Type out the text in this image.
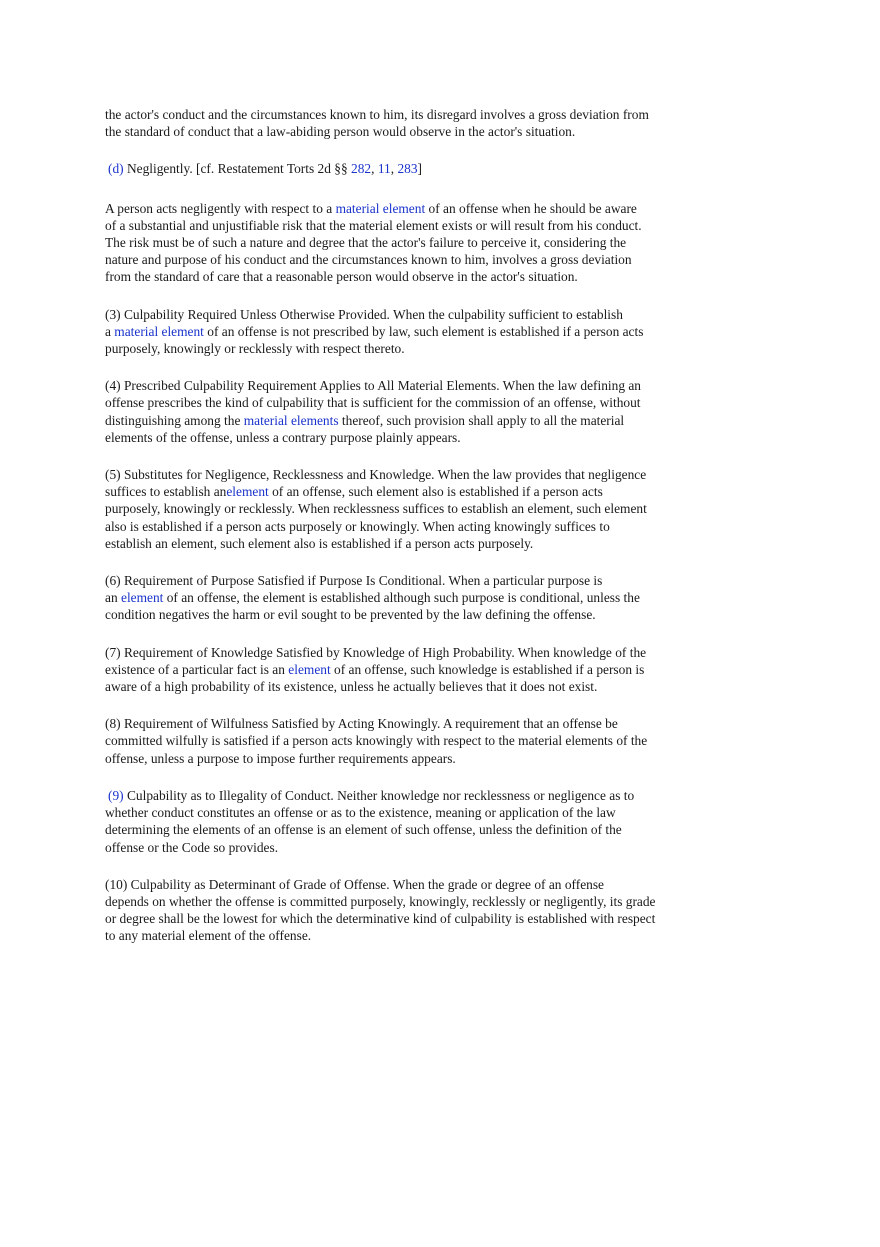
the actor's conduct and the circumstances known to him, its disregard involves a gross deviation from
the standard of conduct that a law-abiding person would observe in the actor's situation.

(d) Negligently. [cf. Restatement Torts 2d §§ 282, 11, 283]

A person acts negligently with respect to a material element of an offense when he should be aware
of a substantial and unjustifiable risk that the material element exists or will result from his conduct.
The risk must be of such a nature and degree that the actor's failure to perceive it, considering the
nature and purpose of his conduct and the circumstances known to him, involves a gross deviation
from the standard of care that a reasonable person would observe in the actor's situation.

(3) Culpability Required Unless Otherwise Provided. When the culpability sufficient to establish
a material element of an offense is not prescribed by law, such element is established if a person acts
purposely, knowingly or recklessly with respect thereto.

(4) Prescribed Culpability Requirement Applies to All Material Elements. When the law defining an
offense prescribes the kind of culpability that is sufficient for the commission of an offense, without
distinguishing among the material elements thereof, such provision shall apply to all the material
elements of the offense, unless a contrary purpose plainly appears.

(5) Substitutes for Negligence, Recklessness and Knowledge. When the law provides that negligence
suffices to establish anelement of an offense, such element also is established if a person acts
purposely, knowingly or recklessly. When recklessness suffices to establish an element, such element
also is established if a person acts purposely or knowingly. When acting knowingly suffices to
establish an element, such element also is established if a person acts purposely.

(6) Requirement of Purpose Satisfied if Purpose Is Conditional. When a particular purpose is
an element of an offense, the element is established although such purpose is conditional, unless the
condition negatives the harm or evil sought to be prevented by the law defining the offense.

(7) Requirement of Knowledge Satisfied by Knowledge of High Probability. When knowledge of the
existence of a particular fact is an element of an offense, such knowledge is established if a person is
aware of a high probability of its existence, unless he actually believes that it does not exist.

(8) Requirement of Wilfulness Satisfied by Acting Knowingly. A requirement that an offense be
committed wilfully is satisfied if a person acts knowingly with respect to the material elements of the
offense, unless a purpose to impose further requirements appears.

(9) Culpability as to Illegality of Conduct. Neither knowledge nor recklessness or negligence as to
whether conduct constitutes an offense or as to the existence, meaning or application of the law
determining the elements of an offense is an element of such offense, unless the definition of the
offense or the Code so provides.

(10) Culpability as Determinant of Grade of Offense. When the grade or degree of an offense
depends on whether the offense is committed purposely, knowingly, recklessly or negligently, its grade
or degree shall be the lowest for which the determinative kind of culpability is established with respect
to any material element of the offense.
